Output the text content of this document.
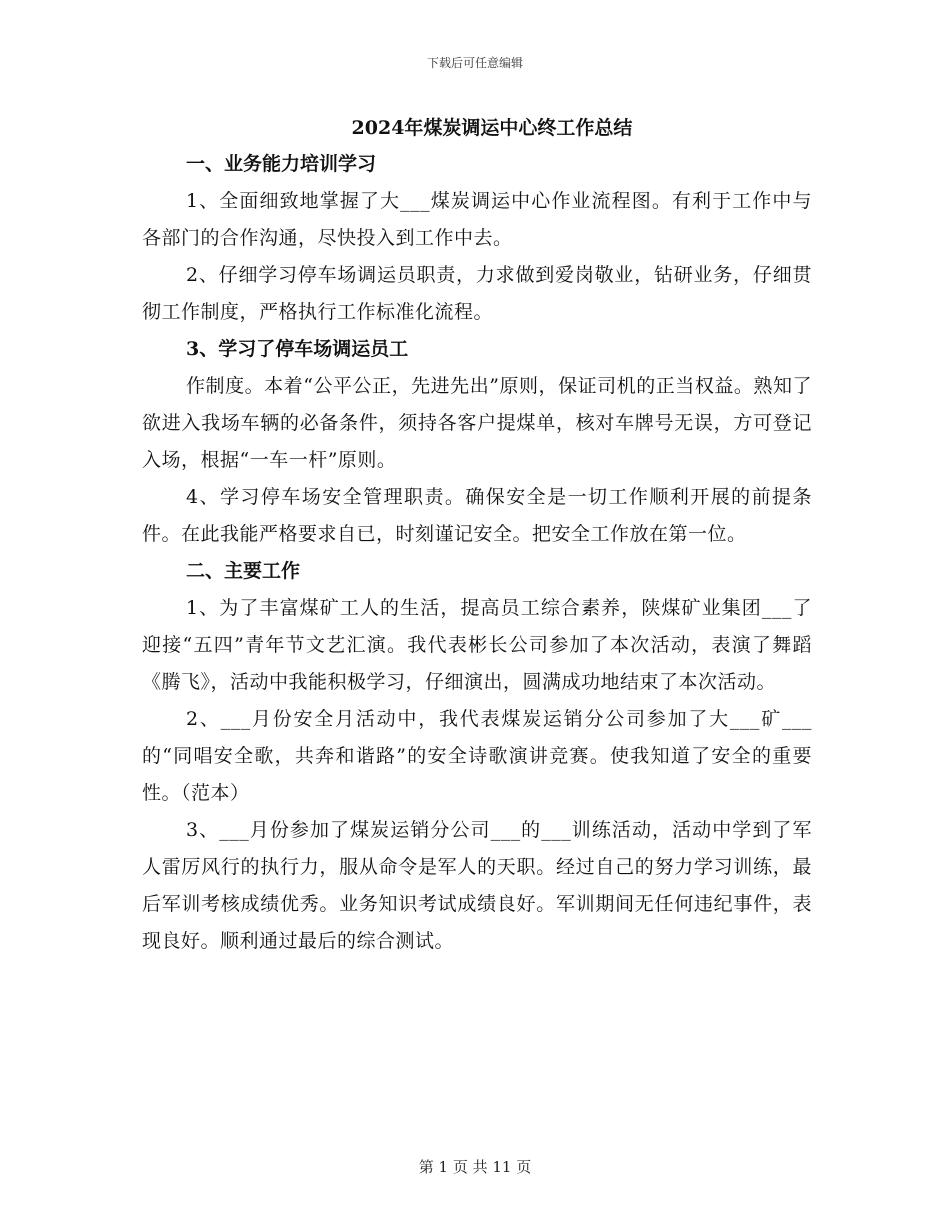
下载后可任意编辑
2024年煤炭调运中心终工作总结
一、业务能力培训学习

1、全面细致地掌握了大___煤炭调运中心作业流程图。有利于工作中与各部门的合作沟通，尽快投入到工作中去。

2、仔细学习停车场调运员职责，力求做到爱岗敬业，钻研业务，仔细贯彻工作制度，严格执行工作标准化流程。

3、学习了停车场调运员工

作制度。本着“公平公正，先进先出”原则，保证司机的正当权益。熟知了欲进入我场车辆的必备条件，须持各客户提煤单，核对车牌号无误，方可登记入场，根据“一车一杆”原则。

4、学习停车场安全管理职责。确保安全是一切工作顺利开展的前提条件。在此我能严格要求自已，时刻谨记安全。把安全工作放在第一位。

二、主要工作

1、为了丰富煤矿工人的生活，提高员工综合素养，陕煤矿业集团___了迎接“五四”青年节文艺汇演。我代表彬长公司参加了本次活动，表演了舞蹈《腾飞》，活动中我能积极学习，仔细演出，圆满成功地结束了本次活动。

2、___月份安全月活动中，我代表煤炭运销分公司参加了大___矿___的“同唱安全歌，共奔和谐路”的安全诗歌演讲竞赛。使我知道了安全的重要性。（范本）

3、___月份参加了煤炭运销分公司___的___训练活动，活动中学到了军人雷厉风行的执行力，服从命令是军人的天职。经过自己的努力学习训练，最后军训考核成绩优秀。业务知识考试成绩良好。军训期间无任何违纪事件，表现良好。顺利通过最后的综合测试。

第 1 页 共 11 页
